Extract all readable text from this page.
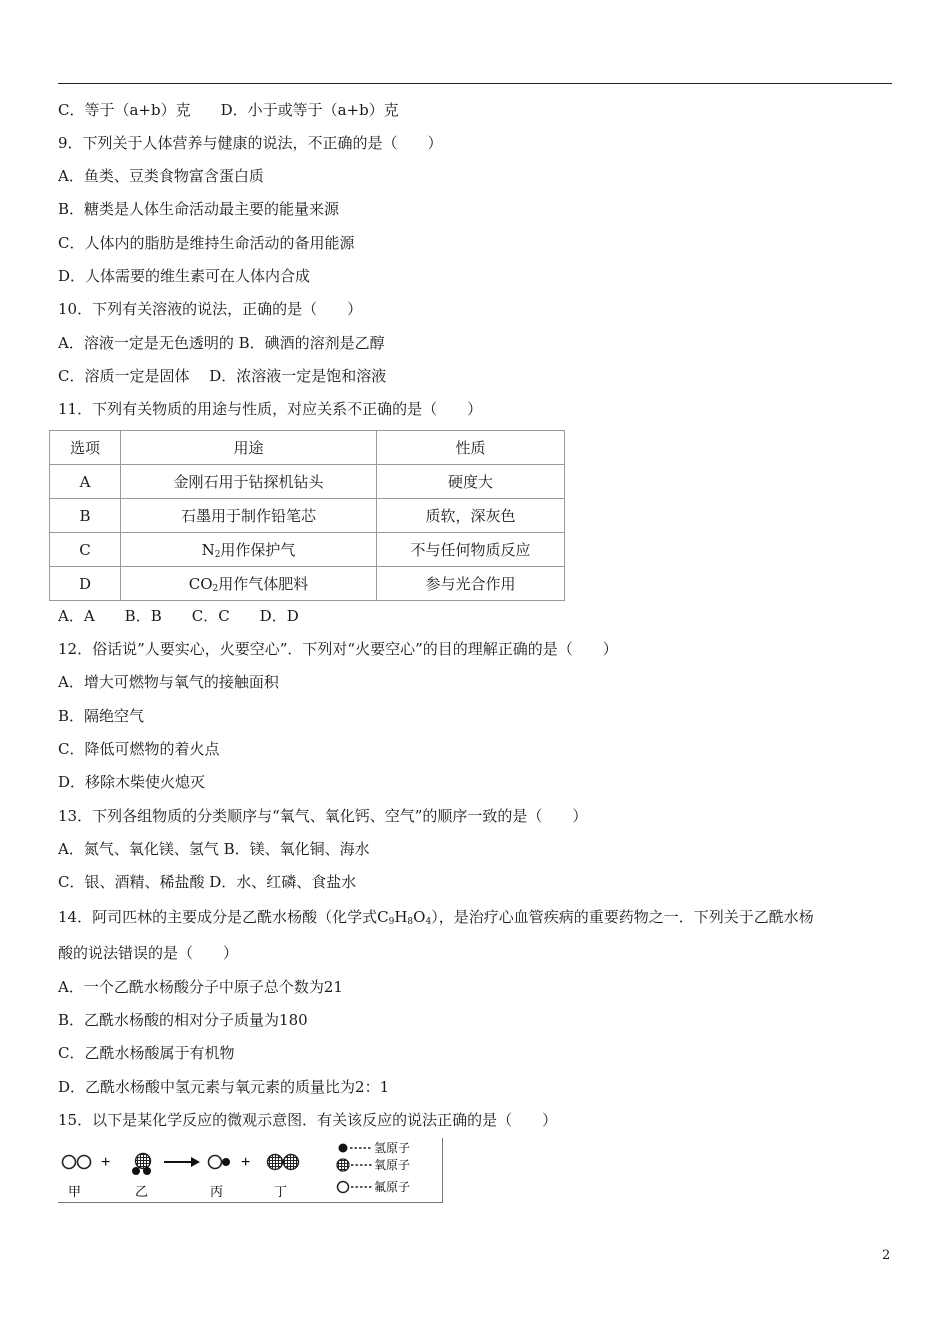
C．等于（a+b）克　　D．小于或等于（a+b）克
9．下列关于人体营养与健康的说法，不正确的是（　　）
A．鱼类、豆类食物富含蛋白质
B．糖类是人体生命活动最主要的能量来源
C．人体内的脂肪是维持生命活动的备用能源
D．人体需要的维生素可在人体内合成
10．下列有关溶液的说法，正确的是（　　）
A．溶液一定是无色透明的 B．碘酒的溶剂是乙醇
C．溶质一定是固体　 D．浓溶液一定是饱和溶液
11．下列有关物质的用途与性质，对应关系不正确的是（　　）
选项	用途	性质
A	金刚石用于钻探机钻头	硬度大
B	石墨用于制作铅笔芯	质软，深灰色
C	$N_2$用作保护气	不与任何物质反应
D	$CO_2$用作气体肥料	参与光合作用
A．A　　B．B　　C．C　　D．D
12．俗话说”人要实心，火要空心”．下列对“火要空心”的目的理解正确的是（　　）
A．增大可燃物与氧气的接触面积
B．隔绝空气
C．降低可燃物的着火点
D．移除木柴使火熄灭
13．下列各组物质的分类顺序与“氧气、氧化钙、空气”的顺序一致的是（　　）
A．氮气、氧化镁、氢气 B．镁、氧化铜、海水
C．银、酒精、稀盐酸 D．水、红磷、食盐水
14．阿司匹林的主要成分是乙酰水杨酸（化学式$C_9H_8O_4$），是治疗心血管疾病的重要药物之一．下列关于乙酰水杨
酸的说法错误的是（　　）
A．一个乙酰水杨酸分子中原子总个数为21
B．乙酰水杨酸的相对分子质量为180
C．乙酰水杨酸属于有机物
D．乙酰水杨酸中氢元素与氧元素的质量比为2：1
15．以下是某化学反应的微观示意图．有关该反应的说法正确的是（　　）
+	+
甲	乙	丙	丁
氢原子
氧原子
氟原子
2
